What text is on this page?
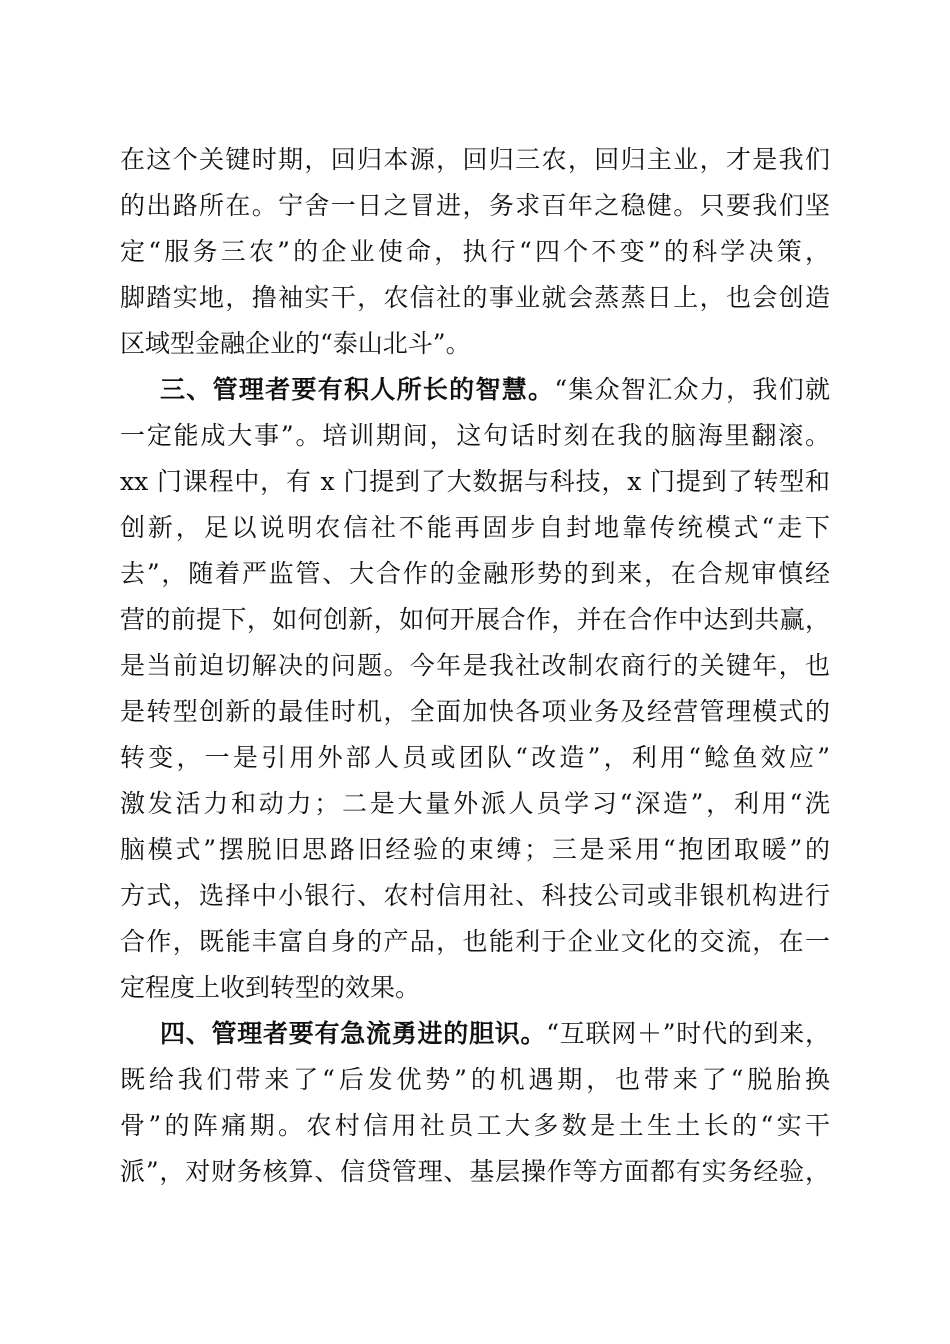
在这个关键时期，回归本源，回归三农，回归主业，才是我们
的出路所在。宁舍一日之冒进，务求百年之稳健。只要我们坚
定“服务三农”的企业使命，执行“四个不变”的科学决策，
脚踏实地，撸袖实干，农信社的事业就会蒸蒸日上，也会创造
区域型金融企业的“泰山北斗”。
三、管理者要有积人所长的智慧。“集众智汇众力，我们就
一定能成大事”。培训期间，这句话时刻在我的脑海里翻滚。
xx 门课程中，有 x 门提到了大数据与科技，x 门提到了转型和
创新，足以说明农信社不能再固步自封地靠传统模式“走下
去”，随着严监管、大合作的金融形势的到来，在合规审慎经
营的前提下，如何创新，如何开展合作，并在合作中达到共赢，
是当前迫切解决的问题。今年是我社改制农商行的关键年，也
是转型创新的最佳时机，全面加快各项业务及经营管理模式的
转变，一是引用外部人员或团队“改造”，利用“鲶鱼效应”
激发活力和动力；二是大量外派人员学习“深造”，利用“洗
脑模式”摆脱旧思路旧经验的束缚；三是采用“抱团取暖”的
方式，选择中小银行、农村信用社、科技公司或非银机构进行
合作，既能丰富自身的产品，也能利于企业文化的交流，在一
定程度上收到转型的效果。
四、管理者要有急流勇进的胆识。“互联网＋”时代的到来，
既给我们带来了“后发优势”的机遇期，也带来了“脱胎换
骨”的阵痛期。农村信用社员工大多数是土生土长的“实干
派”，对财务核算、信贷管理、基层操作等方面都有实务经验，
